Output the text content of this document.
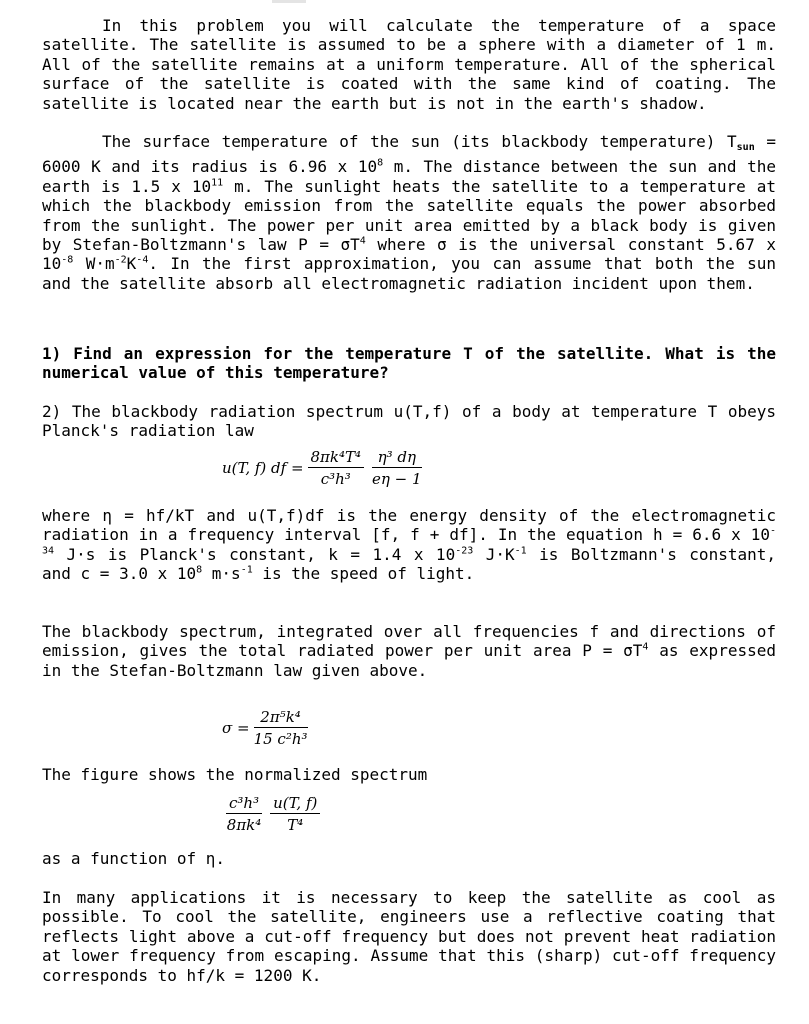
In this problem you will calculate the temperature of a space satellite. The satellite is assumed to be a sphere with a diameter of 1 m. All of the satellite remains at a uniform temperature. All of the spherical surface of the satellite is coated with the same kind of coating. The satellite is located near the earth but is not in the earth's shadow.
The surface temperature of the sun (its blackbody temperature) Tsun = 6000 K and its radius is 6.96 x $10^8$ m. The distance between the sun and the earth is 1.5 x $10^{11}$ m. The sunlight heats the satellite to a temperature at which the blackbody emission from the satellite equals the power absorbed from the sunlight. The power per unit area emitted by a black body is given by Stefan-Boltzmann's law $P = \sigma T^4$ where σ is the universal constant 5.67 x $10^{-8}$ $W\cdot m^{-2}K^{-4}$. In the first approximation, you can assume that both the sun and the satellite absorb all electromagnetic radiation incident upon them.
1) Find an expression for the temperature T of the satellite. What is the numerical value of this temperature?
2) The blackbody radiation spectrum u(T,f) of a body at temperature T obeys Planck's radiation law
u(T, f) df = $\frac{\text{8πk⁴T⁴}}{\text{c³h³}} \frac{\text{η³ dη}}{e\eta - 1}$
where η = hf/kT and u(T,f)df is the energy density of the electromagnetic radiation in a frequency interval [f, f + df]. In the equation h = 6.6 x $10^{-34}$ J·s is Planck's constant, k = 1.4 x $10^{-23}$ $J\cdot K^{-1}$ is Boltzmann's constant, and c = 3.0 x $10^8$ $m\cdot s^{-1}$ is the speed of light.
The blackbody spectrum, integrated over all frequencies f and directions of emission, gives the total radiated power per unit area $P = \sigma T^4$ as expressed in the Stefan-Boltzmann law given above.
$\sigma = \frac{\text{2π⁵k⁴}}{\text{15 c²h³}}$
The figure shows the normalized spectrum
$\frac{\text{c³h³}}{\text{8πk⁴}} \frac{u(T, f)}{\text{T⁴}}$
as a function of η.
In many applications it is necessary to keep the satellite as cool as possible. To cool the satellite, engineers use a reflective coating that reflects light above a cut-off frequency but does not prevent heat radiation at lower frequency from escaping. Assume that this (sharp) cut-off frequency corresponds to hf/k = 1200 K.
